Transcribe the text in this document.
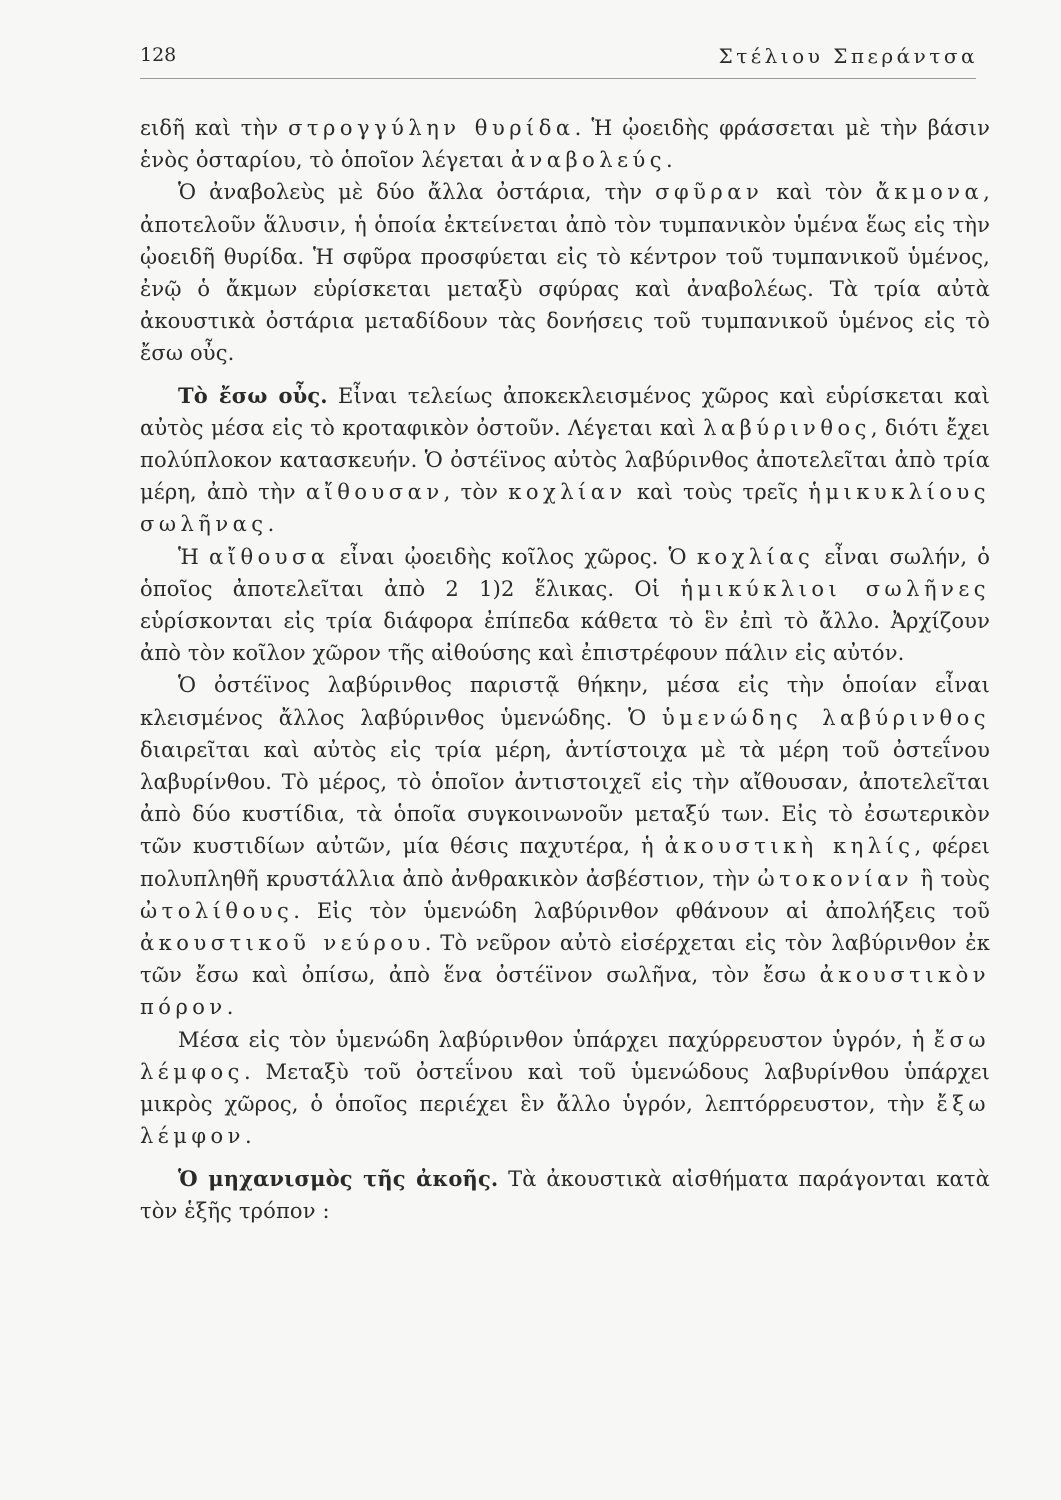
128	Στέλιου Σπεράντσα

ειδῆ καὶ τὴν στρογγύλην θυρίδα. Ἡ ᾠοειδὴς φράσσεται μὲ τὴν βάσιν ἑνὸς ὀσταρίου, τὸ ὁποῖον λέγεται ἀναβολεύς.

Ὁ ἀναβολεὺς μὲ δύο ἄλλα ὀστάρια, τὴν σφῦραν καὶ τὸν ἄκμονα, ἀποτελοῦν ἅλυσιν, ἡ ὁποία ἐκτείνεται ἀπὸ τὸν τυμπανικὸν ὑμένα ἕως εἰς τὴν ᾠοειδῆ θυρίδα. Ἡ σφῦρα προσφύεται εἰς τὸ κέντρον τοῦ τυμπανικοῦ ὑμένος, ἐνῷ ὁ ἄκμων εὑρίσκεται μεταξὺ σφύρας καὶ ἀναβολέως. Τὰ τρία αὐτὰ ἀκουστικὰ ὀστάρια μεταδίδουν τὰς δονήσεις τοῦ τυμπανικοῦ ὑμένος εἰς τὸ ἔσω οὖς.

Τὸ ἔσω οὖς. Εἶναι τελείως ἀποκεκλεισμένος χῶρος καὶ εὑρίσκεται καὶ αὐτὸς μέσα εἰς τὸ κροταφικὸν ὀστοῦν. Λέγεται καὶ λαβύρινθος, διότι ἔχει πολύπλοκον κατασκευήν. Ὁ ὀστέϊνος αὐτὸς λαβύρινθος ἀποτελεῖται ἀπὸ τρία μέρη, ἀπὸ τὴν αἴθουσαν, τὸν κοχλίαν καὶ τοὺς τρεῖς ἡμικυκλίους σωλῆνας.

Ἡ αἴθουσα εἶναι ᾠοειδὴς κοῖλος χῶρος. Ὁ κοχλίας εἶναι σωλήν, ὁ ὁποῖος ἀποτελεῖται ἀπὸ 2 1)2 ἕλικας. Οἱ ἡμικύκλιοι σωλῆνες εὑρίσκονται εἰς τρία διάφορα ἐπίπεδα κάθετα τὸ ἓν ἐπὶ τὸ ἄλλο. Ἀρχίζουν ἀπὸ τὸν κοῖλον χῶρον τῆς αἰθούσης καὶ ἐπιστρέφουν πάλιν εἰς αὐτόν.

Ὁ ὀστέϊνος λαβύρινθος παριστᾷ θήκην, μέσα εἰς τὴν ὁποίαν εἶναι κλεισμένος ἄλλος λαβύρινθος ὑμενώδης. Ὁ ὑμενώδης λαβύρινθος διαιρεῖται καὶ αὐτὸς εἰς τρία μέρη, ἀντίστοιχα μὲ τὰ μέρη τοῦ ὀστεΐνου λαβυρίνθου. Τὸ μέρος, τὸ ὁποῖον ἀντιστοιχεῖ εἰς τὴν αἴθουσαν, ἀποτελεῖται ἀπὸ δύο κυστίδια, τὰ ὁποῖα συγκοινωνοῦν μεταξύ των. Εἰς τὸ ἐσωτερικὸν τῶν κυστιδίων αὐτῶν, μία θέσις παχυτέρα, ἡ ἀκουστικὴ κηλίς, φέρει πολυπληθῆ κρυστάλλια ἀπὸ ἀνθρακικὸν ἀσβέστιον, τὴν ὠτοκονίαν ἢ τοὺς ὠτολίθους. Εἰς τὸν ὑμενώδη λαβύρινθον φθάνουν αἱ ἀπολήξεις τοῦ ἀκουστικοῦ νεύρου. Τὸ νεῦρον αὐτὸ εἰσέρχεται εἰς τὸν λαβύρινθον ἐκ τῶν ἔσω καὶ ὀπίσω, ἀπὸ ἕνα ὀστέϊνον σωλῆνα, τὸν ἔσω ἀκουστικὸν πόρον.

Μέσα εἰς τὸν ὑμενώδη λαβύρινθον ὑπάρχει παχύρρευστον ὑγρόν, ἡ ἔσω λέμφος. Μεταξὺ τοῦ ὀστεΐνου καὶ τοῦ ὑμενώδους λαβυρίνθου ὑπάρχει μικρὸς χῶρος, ὁ ὁποῖος περιέχει ἓν ἄλλο ὑγρόν, λεπτόρρευστον, τὴν ἔξω λέμφον.

Ὁ μηχανισμὸς τῆς ἀκοῆς. Τὰ ἀκουστικὰ αἰσθήματα παράγονται κατὰ τὸν ἑξῆς τρόπον :
